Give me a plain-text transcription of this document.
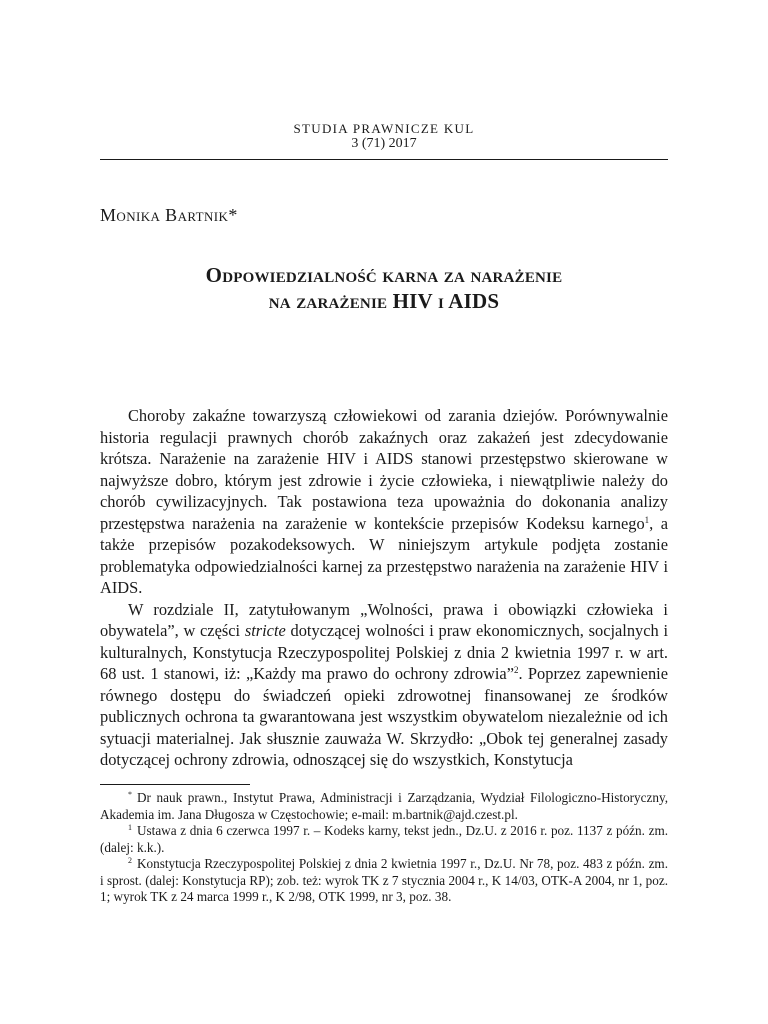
STUDIA PRAWNICZE KUL
3 (71) 2017
Monika Bartnik*
Odpowiedzialność karna za narażenie
na zarażenie HIV i AIDS

Choroby zakaźne towarzyszą człowiekowi od zarania dziejów. Porównywalnie historia regulacji prawnych chorób zakaźnych oraz zakażeń jest zdecydowanie krótsza. Narażenie na zarażenie HIV i AIDS stanowi przestępstwo skierowane w najwyższe dobro, którym jest zdrowie i życie człowieka, i niewątpliwie należy do chorób cywilizacyjnych. Tak postawiona teza upoważnia do dokonania analizy przestępstwa narażenia na zarażenie w kontekście przepisów Kodeksu karnego$^1$, a także przepisów pozakodeksowych. W niniejszym artykule podjęta zostanie problematyka odpowiedzialności karnej za przestępstwo narażenia na zarażenie HIV i AIDS.

W rozdziale II, zatytułowanym „Wolności, prawa i obowiązki człowieka i obywatela”, w części stricte dotyczącej wolności i praw ekonomicznych, socjalnych i kulturalnych, Konstytucja Rzeczypospolitej Polskiej z dnia 2 kwietnia 1997 r. w art. 68 ust. 1 stanowi, iż: „Każdy ma prawo do ochrony zdrowia”$^2$. Poprzez zapewnienie równego dostępu do świadczeń opieki zdrowotnej finansowanej ze środków publicznych ochrona ta gwarantowana jest wszystkim obywatelom niezależnie od ich sytuacji materialnej. Jak słusznie zauważa W. Skrzydło: „Obok tej generalnej zasady dotyczącej ochrony zdrowia, odnoszącej się do wszystkich, Konstytucja

* Dr nauk prawn., Instytut Prawa, Administracji i Zarządzania, Wydział Filologiczno-Historyczny, Akademia im. Jana Długosza w Częstochowie; e-mail: m.bartnik@ajd.czest.pl.

$^1$ Ustawa z dnia 6 czerwca 1997 r. – Kodeks karny, tekst jedn., Dz.U. z 2016 r. poz. 1137 z późn. zm. (dalej: k.k.).

$^2$ Konstytucja Rzeczypospolitej Polskiej z dnia 2 kwietnia 1997 r., Dz.U. Nr 78, poz. 483 z późn. zm. i sprost. (dalej: Konstytucja RP); zob. też: wyrok TK z 7 stycznia 2004 r., K 14/03, OTK-A 2004, nr 1, poz. 1; wyrok TK z 24 marca 1999 r., K 2/98, OTK 1999, nr 3, poz. 38.
